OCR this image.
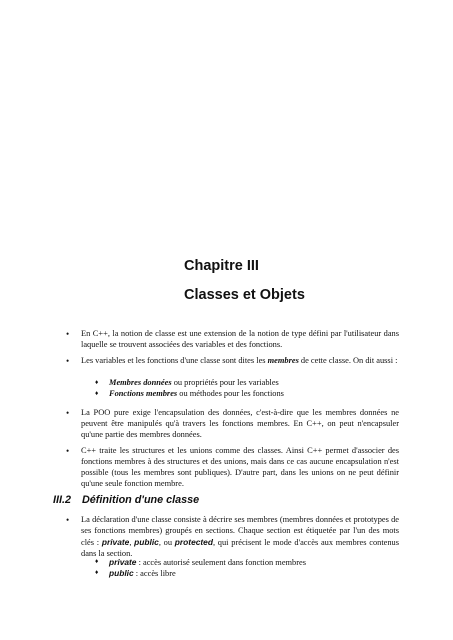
Chapitre III
Classes et Objets

• En C++, la notion de classe est une extension de la notion de type défini par l'utilisateur dans laquelle se trouvent associées des variables et des fonctions.

• Les variables et les fonctions d'une classe sont dites les membres de cette classe. On dit aussi :

♦ Membres données ou propriétés pour les variables
♦ Fonctions membres ou méthodes pour les fonctions

• La POO pure exige l'encapsulation des données, c'est-à-dire que les membres données ne peuvent être manipulés qu'à travers les fonctions membres. En C++, on peut n'encapsuler qu'une partie des membres données.

• C++ traite les structures et les unions comme des classes. Ainsi C++ permet d'associer des fonctions membres à des structures et des unions, mais dans ce cas aucune encapsulation n'est possible (tous les membres sont publiques). D'autre part, dans les unions on ne peut définir qu'une seule fonction membre.

III.2 Définition d'une classe

• La déclaration d'une classe consiste à décrire ses membres (membres données et prototypes de ses fonctions membres) groupés en sections. Chaque section est étiquetée par l'un des mots clés : private, public, ou protected, qui précisent le mode d'accès aux membres contenus dans la section.

♦ private : accès autorisé seulement dans fonction membres
♦ public : accès libre
